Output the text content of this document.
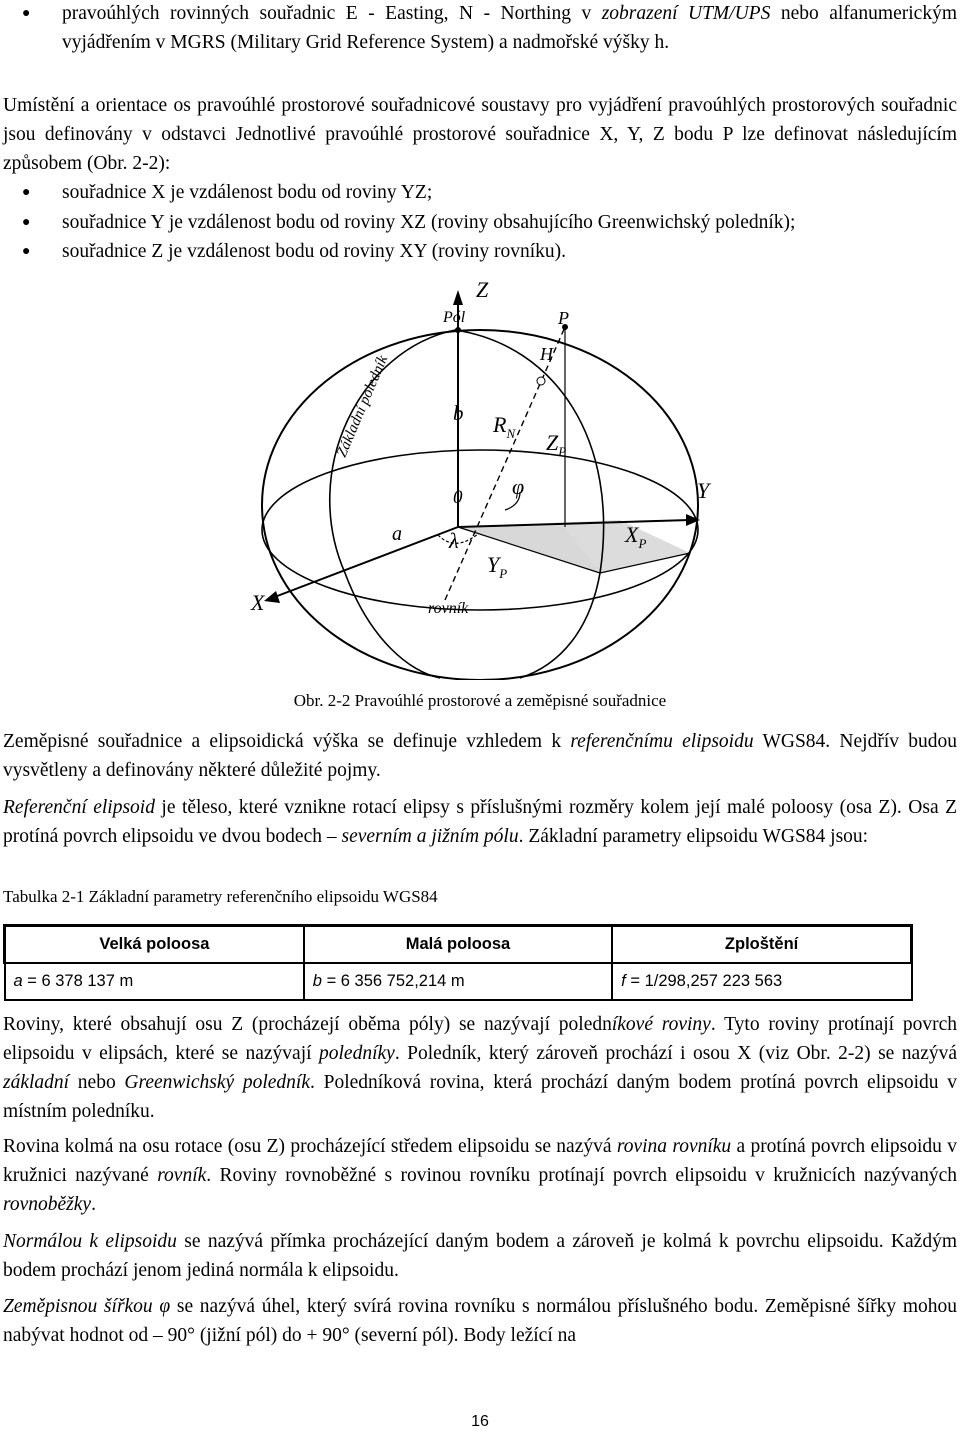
● pravoúhlých rovinných souřadnic E - Easting, N - Northing v zobrazení UTM/UPS nebo alfanumerickým vyjádřením v MGRS (Military Grid Reference System) a nadmořské výšky h.
Umístění a orientace os pravoúhlé prostorové souřadnicové soustavy pro vyjádření pravoúhlých prostorových souřadnic jsou definovány v odstavci Jednotlivé pravoúhlé prostorové souřadnice X, Y, Z bodu P lze definovat následujícím způsobem (Obr. 2-2):
● souřadnice X je vzdálenost bodu od roviny YZ;
● souřadnice Y je vzdálenost bodu od roviny XZ (roviny obsahujícího Greenwichský poledník);
● souřadnice Z je vzdálenost bodu od roviny XY (roviny rovníku).
Z
Pól	P
H
Základní poledník	b $R_N$ $Z_P$
φ
0	Y
a λ	$X_P$
$Y_P$
X	rovník
Obr. 2-2 Pravoúhlé prostorové a zeměpisné souřadnice
Zeměpisné souřadnice a elipsoidická výška se definuje vzhledem k referenčnímu elipsoidu WGS84. Nejdřív budou vysvětleny a definovány některé důležité pojmy.
Referenční elipsoid je těleso, které vznikne rotací elipsy s příslušnými rozměry kolem její malé poloosy (osa Z). Osa Z protíná povrch elipsoidu ve dvou bodech – severním a jižním pólu. Základní parametry elipsoidu WGS84 jsou:
Tabulka 2-1 Základní parametry referenčního elipsoidu WGS84
Velká poloosa	Malá poloosa	Zploštění
a = 6 378 137 m	b = 6 356 752,214 m	f = 1/298,257 223 563
Roviny, které obsahují osu Z (procházejí oběma póly) se nazývají poledníkové roviny. Tyto roviny protínají povrch elipsoidu v elipsách, které se nazývají poledníky. Poledník, který zároveň prochází i osou X (viz Obr. 2-2) se nazývá základní nebo Greenwichský poledník. Poledníková rovina, která prochází daným bodem protíná povrch elipsoidu v místním poledníku.
Rovina kolmá na osu rotace (osu Z) procházející středem elipsoidu se nazývá rovina rovníku a protíná povrch elipsoidu v kružnici nazývané rovník. Roviny rovnoběžné s rovinou rovníku protínají povrch elipsoidu v kružnicích nazývaných rovnoběžky.
Normálou k elipsoidu se nazývá přímka procházející daným bodem a zároveň je kolmá k povrchu elipsoidu. Každým bodem prochází jenom jediná normála k elipsoidu.
Zeměpisnou šířkou φ se nazývá úhel, který svírá rovina rovníku s normálou příslušného bodu. Zeměpisné šířky mohou nabývat hodnot od – 90° (jižní pól) do + 90° (severní pól). Body ležící na
16
